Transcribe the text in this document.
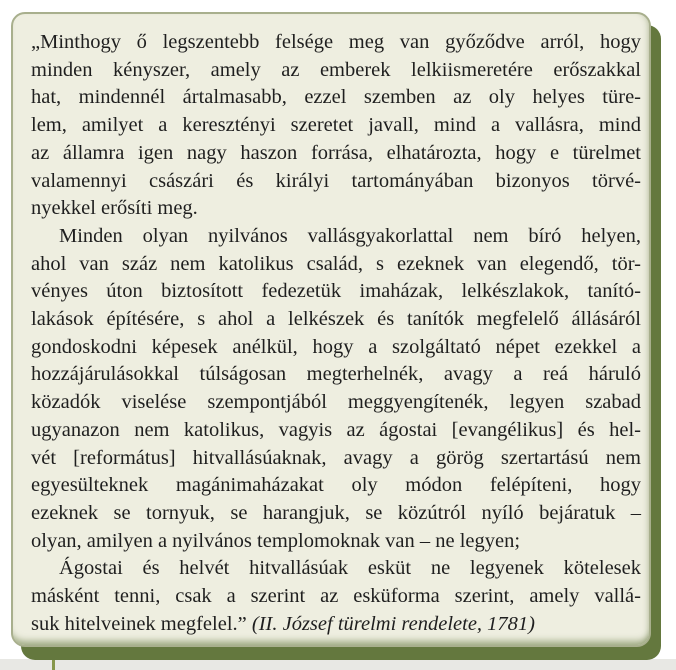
„Minthogy ő legszentebb felsége meg van győződve arról, hogy
minden kényszer, amely az emberek lelkiismeretére erőszakkal
hat, mindennél ártalmasabb, ezzel szemben az oly helyes türe-
lem, amilyet a keresztényi szeretet javall, mind a vallásra, mind
az államra igen nagy haszon forrása, elhatározta, hogy e türelmet
valamennyi császári és királyi tartományában bizonyos törvé-
nyekkel erősíti meg.
Minden olyan nyilvános vallásgyakorlattal nem bíró helyen,
ahol van száz nem katolikus család, s ezeknek van elegendő, tör-
vényes úton biztosított fedezetük imaházak, lelkészlakok, tanító-
lakások építésére, s ahol a lelkészek és tanítók megfelelő állásáról
gondoskodni képesek anélkül, hogy a szolgáltató népet ezekkel a
hozzájárulásokkal túlságosan megterhelnék, avagy a reá háruló
közadók viselése szempontjából meggyengítenék, legyen szabad
ugyanazon nem katolikus, vagyis az ágostai [evangélikus] és hel-
vét [református] hitvallásúaknak, avagy a görög szertartású nem
egyesülteknek magánimaházakat oly módon felépíteni, hogy
ezeknek se tornyuk, se harangjuk, se közútról nyíló bejáratuk –
olyan, amilyen a nyilvános templomoknak van – ne legyen;
Ágostai és helvét hitvallásúak esküt ne legyenek kötelesek
másként tenni, csak a szerint az esküforma szerint, amely vallá-
suk hitelveinek megfelel.” (II. József türelmi rendelete, 1781)
